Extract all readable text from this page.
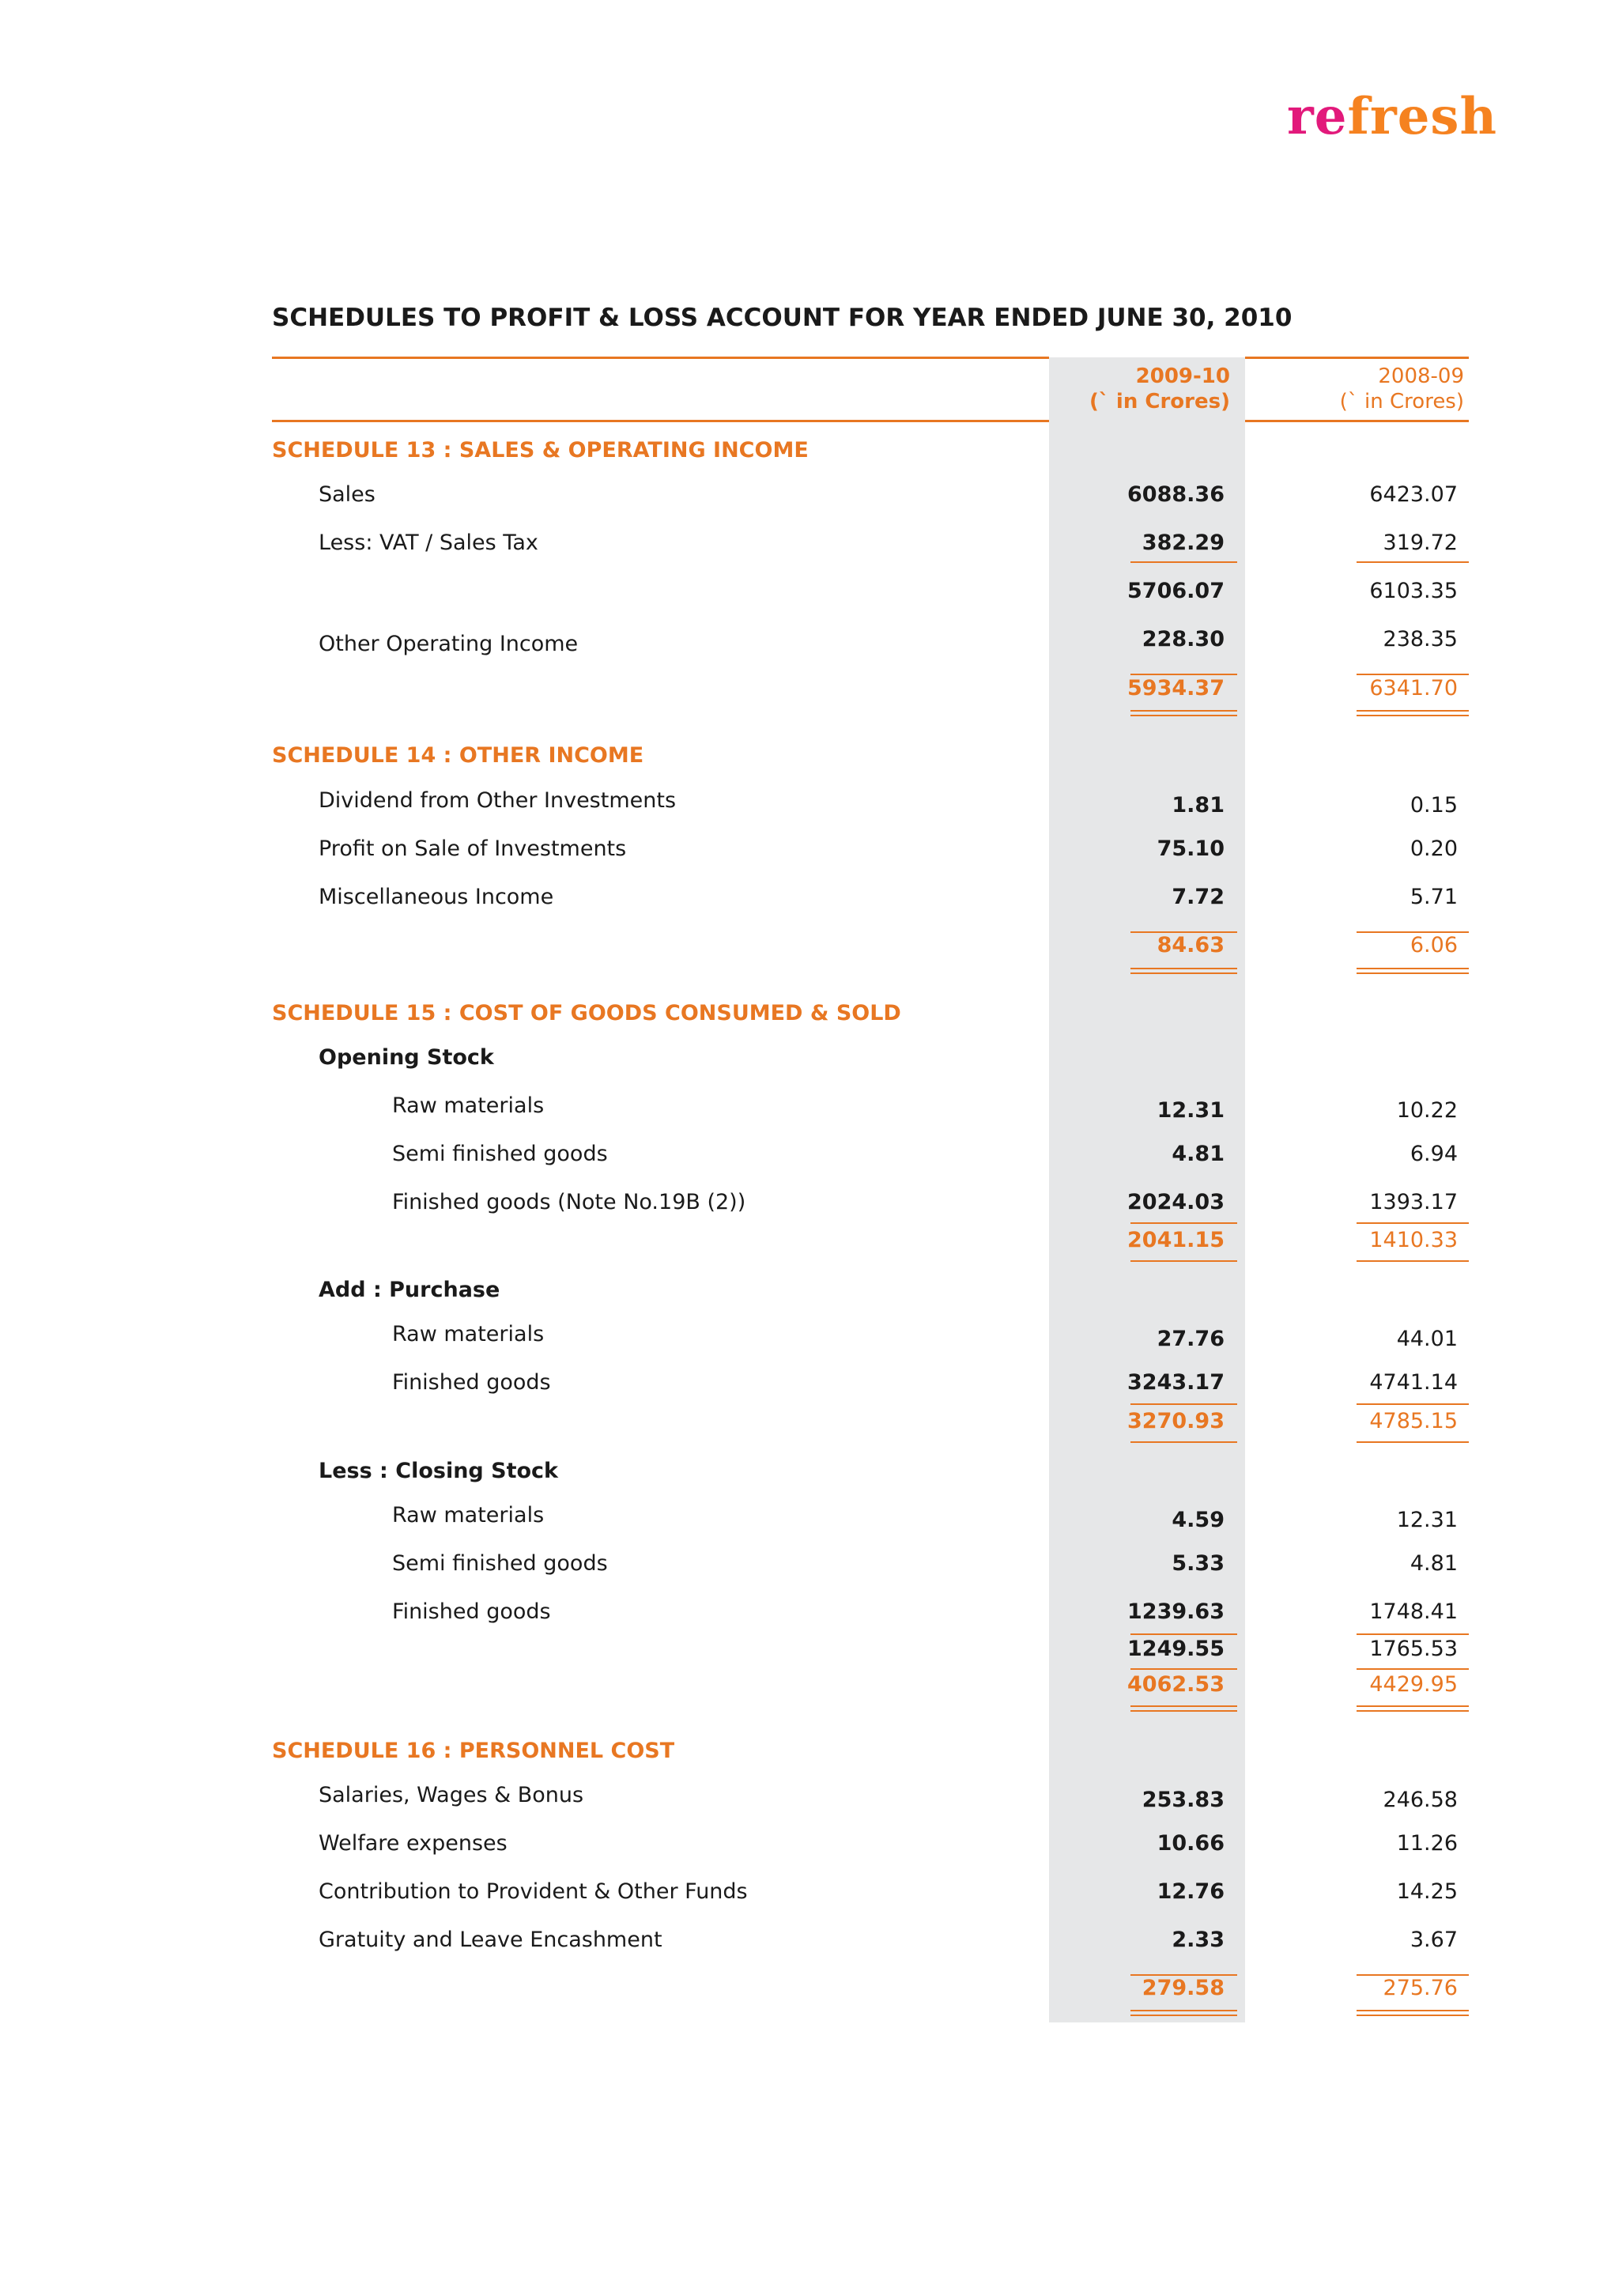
refresh
SCHEDULES TO PROFIT & LOSS ACCOUNT FOR YEAR ENDED JUNE 30, 2010
2009-10
(` in Crores)
2008-09
(` in Crores)
SCHEDULE 13 : SALES & OPERATING INCOME
Sales	6088.36	6423.07
Less: VAT / Sales Tax	382.29	319.72
5706.07	6103.35
Other Operating Income	228.30	238.35
5934.37	6341.70
SCHEDULE 14 : OTHER INCOME
Dividend from Other Investments	1.81	0.15
Profit on Sale of Investments	75.10	0.20
Miscellaneous Income	7.72	5.71
84.63	6.06
SCHEDULE 15 : COST OF GOODS CONSUMED & SOLD
Opening Stock
Raw materials	12.31	10.22
Semi finished goods	4.81	6.94
Finished goods (Note No.19B (2))	2024.03	1393.17
2041.15	1410.33
Add : Purchase
Raw materials	27.76	44.01
Finished goods	3243.17	4741.14
3270.93	4785.15
Less : Closing Stock
Raw materials	4.59	12.31
Semi finished goods	5.33	4.81
Finished goods	1239.63	1748.41
1249.55	1765.53
4062.53	4429.95
SCHEDULE 16 : PERSONNEL COST
Salaries, Wages & Bonus	253.83	246.58
Welfare expenses	10.66	11.26
Contribution to Provident & Other Funds	12.76	14.25
Gratuity and Leave Encashment	2.33	3.67
279.58	275.76
